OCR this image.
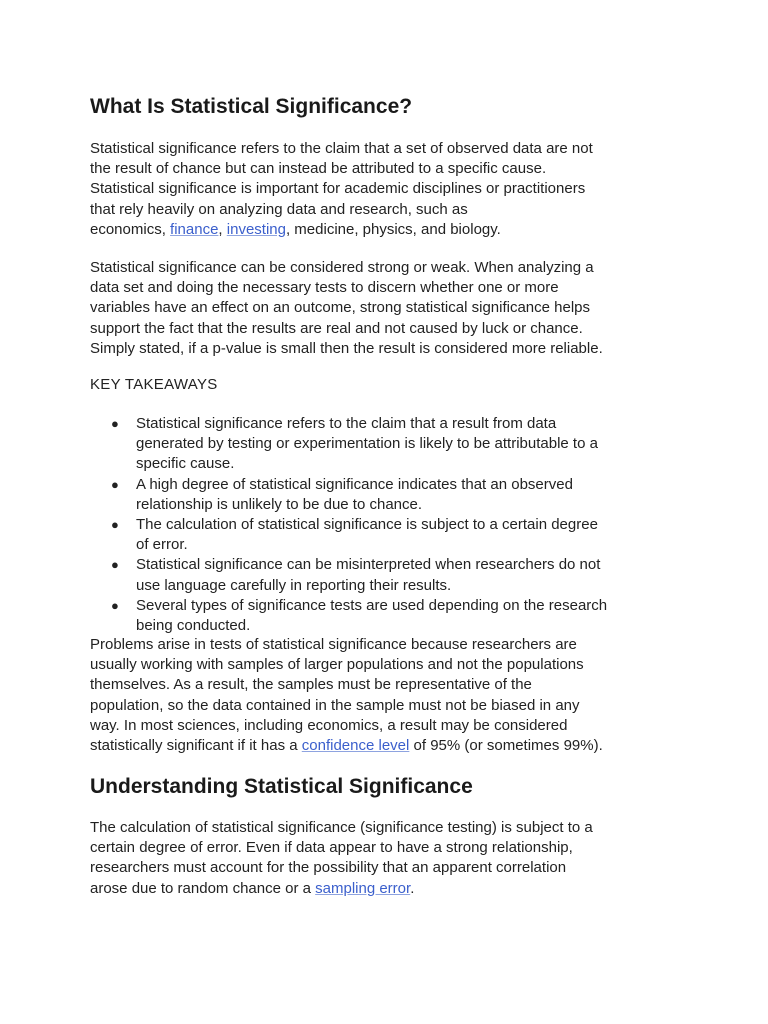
What Is Statistical Significance?

Statistical significance refers to the claim that a set of observed data are not
the result of chance but can instead be attributed to a specific cause.
Statistical significance is important for academic disciplines or practitioners
that rely heavily on analyzing data and research, such as
economics, finance, investing, medicine, physics, and biology.

Statistical significance can be considered strong or weak. When analyzing a
data set and doing the necessary tests to discern whether one or more
variables have an effect on an outcome, strong statistical significance helps
support the fact that the results are real and not caused by luck or chance.
Simply stated, if a p-value is small then the result is considered more reliable.

KEY TAKEAWAYS

● Statistical significance refers to the claim that a result from data
generated by testing or experimentation is likely to be attributable to a
specific cause.
● A high degree of statistical significance indicates that an observed
relationship is unlikely to be due to chance.
● The calculation of statistical significance is subject to a certain degree
of error.
● Statistical significance can be misinterpreted when researchers do not
use language carefully in reporting their results.
● Several types of significance tests are used depending on the research
being conducted.

Problems arise in tests of statistical significance because researchers are
usually working with samples of larger populations and not the populations
themselves. As a result, the samples must be representative of the
population, so the data contained in the sample must not be biased in any
way. In most sciences, including economics, a result may be considered
statistically significant if it has a confidence level of 95% (or sometimes 99%).

Understanding Statistical Significance

The calculation of statistical significance (significance testing) is subject to a
certain degree of error. Even if data appear to have a strong relationship,
researchers must account for the possibility that an apparent correlation
arose due to random chance or a sampling error.
